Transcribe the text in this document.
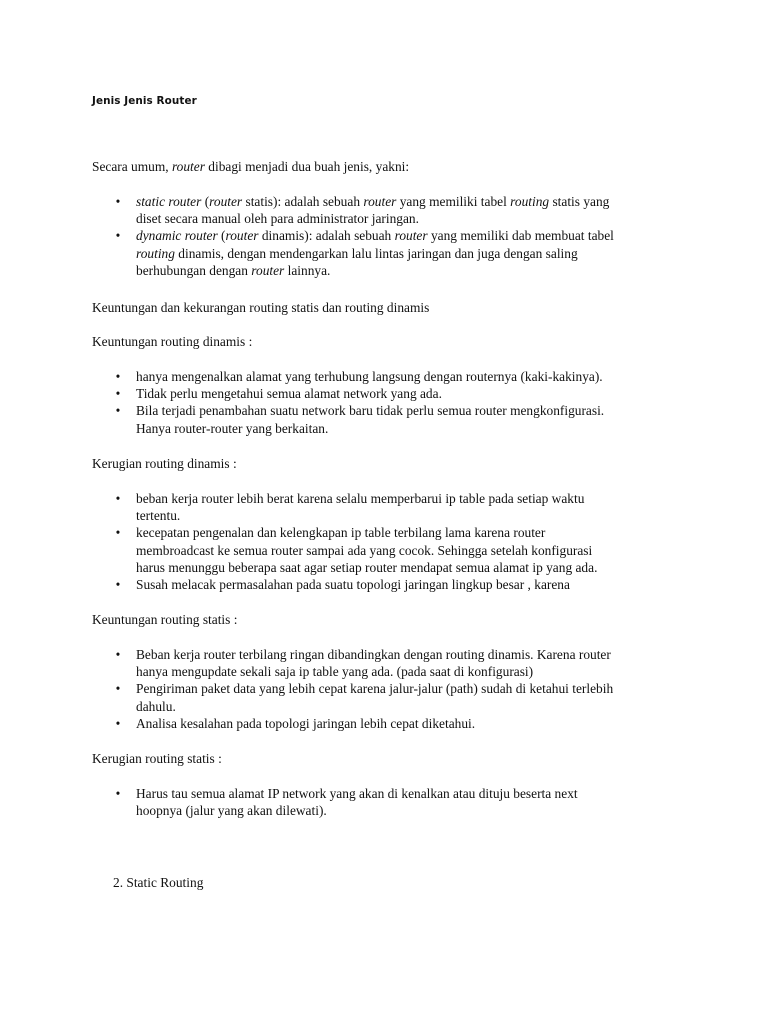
Jenis Jenis Router

Secara umum, router dibagi menjadi dua buah jenis, yakni:

• static router (router statis): adalah sebuah router yang memiliki tabel routing statis yang
diset secara manual oleh para administrator jaringan.
• dynamic router (router dinamis): adalah sebuah router yang memiliki dab membuat tabel
routing dinamis, dengan mendengarkan lalu lintas jaringan dan juga dengan saling
berhubungan dengan router lainnya.

Keuntungan dan kekurangan routing statis dan routing dinamis

Keuntungan routing dinamis :

• hanya mengenalkan alamat yang terhubung langsung dengan routernya (kaki-kakinya).
• Tidak perlu mengetahui semua alamat network yang ada.
• Bila terjadi penambahan suatu network baru tidak perlu semua router mengkonfigurasi.
Hanya router-router yang berkaitan.

Kerugian routing dinamis :

• beban kerja router lebih berat karena selalu memperbarui ip table pada setiap waktu
tertentu.
• kecepatan pengenalan dan kelengkapan ip table terbilang lama karena router
membroadcast ke semua router sampai ada yang cocok. Sehingga setelah konfigurasi
harus menunggu beberapa saat agar setiap router mendapat semua alamat ip yang ada.
• Susah melacak permasalahan pada suatu topologi jaringan lingkup besar , karena

Keuntungan routing statis :

• Beban kerja router terbilang ringan dibandingkan dengan routing dinamis. Karena router
hanya mengupdate sekali saja ip table yang ada. (pada saat di konfigurasi)
• Pengiriman paket data yang lebih cepat karena jalur-jalur (path) sudah di ketahui terlebih
dahulu.
• Analisa kesalahan pada topologi jaringan lebih cepat diketahui.

Kerugian routing statis :

• Harus tau semua alamat IP network yang akan di kenalkan atau dituju beserta next
hoopnya (jalur yang akan dilewati).
2. Static Routing
